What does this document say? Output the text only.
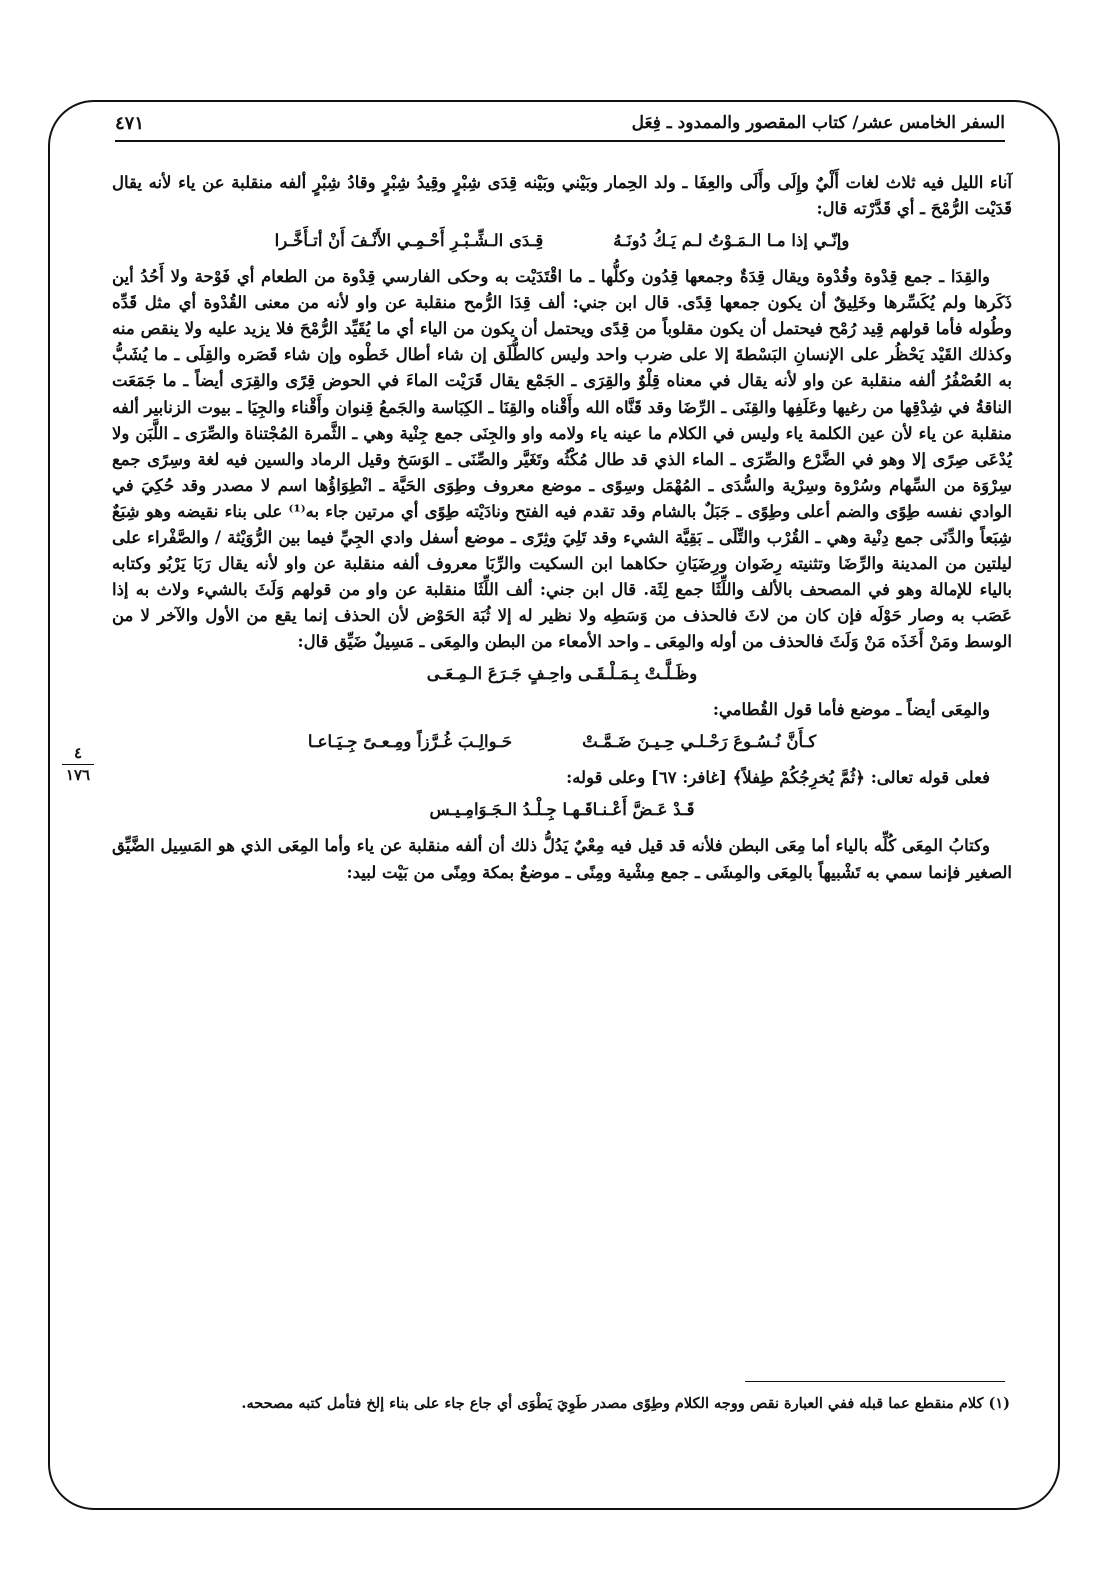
السفر الخامس عشر/ كتاب المقصور والممدود ـ فِعَل
٤٧١
٤
١٧٦

آناء الليل فيه ثلاث لغات أَلْيٌ وإِلَى وأَلَى والعِفَا ـ ولد الحِمار وبَيْني وبَيْنه قِدَى شِبْرٍ وقِيدُ شِبْرٍ وقادُ شِبْرٍ ألفه منقلبة عن ياء لأنه يقال قَدَيْت الرُّمْحَ ـ أي قَدَّرْته قال:

وإنّـي إذا مـا الـمَـوْتُ لـم يَـكُ دُونَـهُ
قِـدَى الـشِّـبْـرِ أَحْـمِـي الأَنْـفَ أَنْ أتـأَخَّـرا

والقِدَا ـ جمع قِدْوة وقُدْوة ويقال قِدَةٌ وجمعها قِدُون وكلُّها ـ ما اقْتَدَيْت به وحكى الفارسي قِدْوة من الطعام أي فَوْحة ولا أَحُدُ أين ذَكَرها ولم يُكَسِّرها وخَلِيقٌ أن يكون جمعها قِدًى. قال ابن جني: ألف قِدَا الرُّمح منقلبة عن واو لأنه من معنى القُدْوة أي مثل قَدِّه وطُوله فأما قولهم قِيد رُمْح فيحتمل أن يكون مقلوباً من قِدًى ويحتمل أن يكون من الياء أي ما يُقَيِّد الرُّمْحَ فلا يزيد عليه ولا ينقص منه وكذلك القَيْد يَحْظُر على الإنسانِ البَسْطةَ إلا على ضرب واحد وليس كالطُّلَق إن شاء أطال خَطْوه وإن شاء قَصَره والقِلَى ـ ما يُشَبُّ به العُصْفُرُ ألفه منقلبة عن واو لأنه يقال في معناه قِلْوٌ والقِرَى ـ الجَمْع يقال قَرَيْت الماءَ في الحوض قِرًى والقِرَى أيضاً ـ ما جَمَعَت الناقةُ في شِدْقِها من رغيها وعَلَفِها والقِنَى ـ الرِّضَا وقد قَنَّاه الله وأَقْناه والقِنَا ـ الكِبَاسة والجَمعُ قِنوان وأَقْناء والجِيَا ـ بيوت الزنابير ألفه منقلبة عن ياء لأن عين الكلمة ياء وليس في الكلام ما عينه ياء ولامه واو والجِنَى جمع جِنْية وهي ـ الثَّمرة المُجْتناة والصِّرَى ـ اللَّبَن ولا يُدْعَى صِرًى إلا وهو في الضَّرْع والصِّرَى ـ الماء الذي قد طال مُكْثُه وتَغَيَّر والصِّنَى ـ الوَسَخ وقيل الرماد والسين فيه لغة وسِرًى جمع سِرْوَة من السِّهام وسُرْوة وسِرْية والسُّدَى ـ المُهْمَل وسِوًى ـ موضع معروف وطِوَى الحَيَّة ـ انْطِوَاؤُها اسم لا مصدر وقد حُكِيَ في الوادي نفسه طِوًى والضم أعلى وطِوًى ـ جَبَلٌ بالشام وقد تقدم فيه الفتح ونادَيْته طِوًى أي مرتين جاء به⁽¹⁾ على بناء نقيضه وهو شِبَعٌ شِبَعاً والدِّنَى جمع دِنْية وهي ـ القُرْب والتِّلَى ـ بَقِيَّة الشيء وقد تَلِيَ وثِرًى ـ موضع أسفل وادي الجِيِّ فيما بين الرُّوَيْثة / والصَّفْراء على ليلتين من المدينة والرِّضَا وتثنيته رِضَوان ورِضَيَانِ حكاهما ابن السكيت والرِّبَا معروف ألفه منقلبة عن واو لأنه يقال رَبَا يَرْبُو وكتابه بالياء للإمالة وهو في المصحف بالألف واللِّثَا جمع لِثَة. قال ابن جني: ألف اللِّثَا منقلبة عن واو من قولهم وَلَثَ بالشيء ولاث به إذا عَصَب به وصار حَوْلَه فإن كان من لاثَ فالحذف من وَسَطِه ولا نظير له إلا ثُبَة الحَوْض لأن الحذف إنما يقع من الأول والآخر لا من الوسط ومَنْ أَخَذَه مَنْ وَلَثَ فالحذف من أوله والمِعَى ـ واحد الأمعاء من البطن والمِعَى ـ مَسِيلٌ ضَيِّق قال:

وظَـلَّـتْ بِـمَـلْـقَـى واحِـفٍ جَـرَعَ الـمِـعَـى

والمِعَى أيضاً ـ موضع فأما قول القُطامي:

كـأَنَّ نُـسُـوعَ رَحْـلـي حِـيـنَ ضَـمَّـتْ
حَـوالِـبَ غُـرَّزاً ومِـعـىً جِـيَـاعـا

فعلى قوله تعالى: ﴿ثُمَّ يُخرِجُكُمْ طِفلاً﴾ [غافر: ٦٧] وعلى قوله:

قَـدْ عَـضَّ أَعْـنـاقَـهـا جِـلْـدُ الـجَـوَامِـيـس

وكتابُ المِعَى كُلِّه بالياء أما مِعَى البطن فلأنه قد قيل فيه مِعْيٌ يَدُلُّ ذلك أن ألفه منقلبة عن ياء وأما المِعَى الذي هو المَسِيل الضَّيِّق الصغير فإنما سمي به تَشْبيهاً بالمِعَى والمِشَى ـ جمع مِشْية ومِنًى ـ موضعٌ بمكة ومِنًى من بَيْت لبيد:

(١) كلام منقطع عما قبله ففي العبارة نقص ووجه الكلام وطِوًى مصدر طَوِيَ يَطْوَى أي جاع جاء على بناء إلخ فتأمل كتبه مصححه.
